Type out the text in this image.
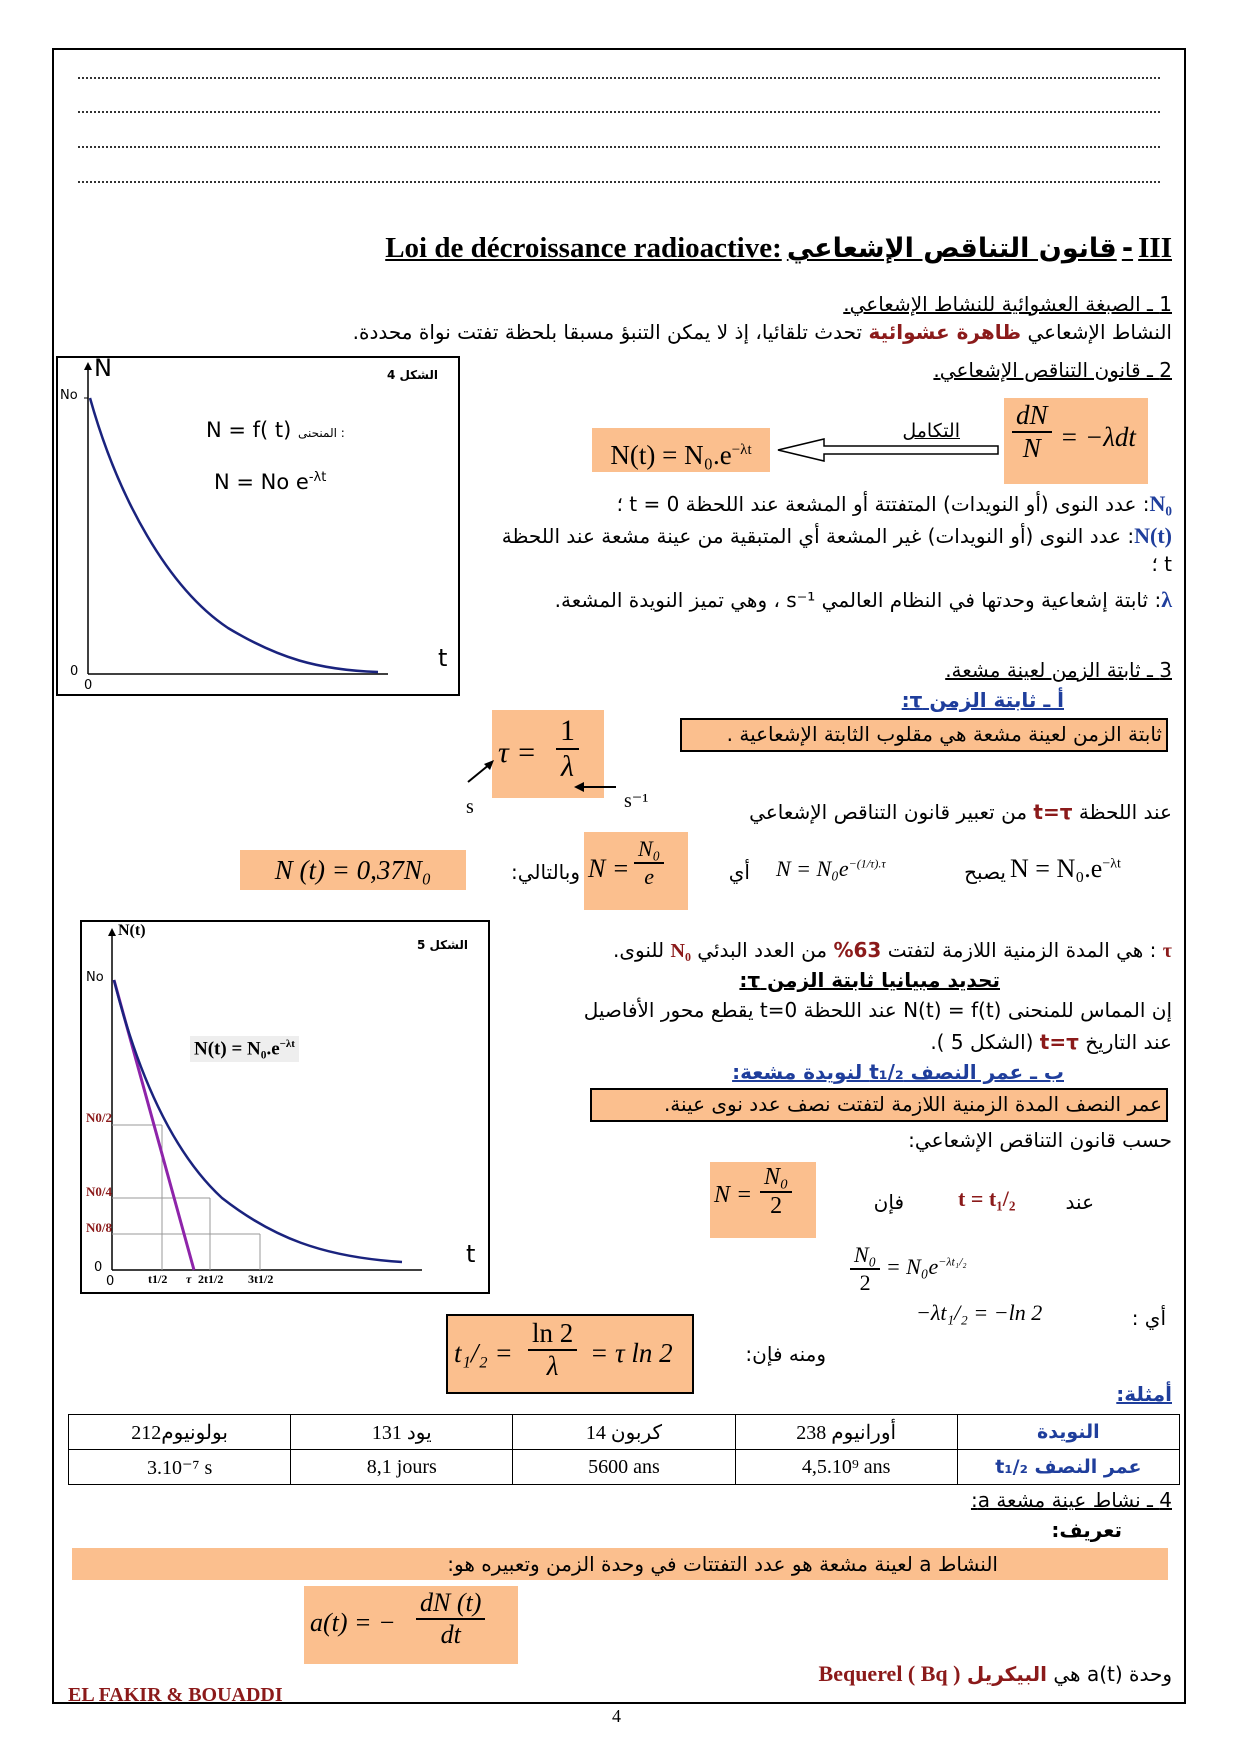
Loi de décroissance radioactive: قانون التناقص الإشعاعي - III
1 ـ الصبغة العشوائية للنشاط الإشعاعي.
النشاط الإشعاعي ظاهرة عشوائية تحدث تلقائيا، إذ لا يمكن التنبؤ مسبقا بلحظة تفتت نواة محددة.
2 ـ قانون التناقص الإشعاعي.
N
No
0
0
t
الشكل 4
N = f( t) المنحنى :
N = No $e^{-\lambda t}$
$N(t) = N_0.e^{-\lambda t}$
التكامل $\frac{dN}{N} = -\lambda dt$
N₀: عدد النوى (أو النويدات) المتفتتة أو المشعة عند اللحظة t = 0 ؛
N(t): عدد النوى (أو النويدات) غير المشعة أي المتبقية من عينة مشعة عند اللحظة t ؛
λ: ثابتة إشعاعية وحدتها في النظام العالمي s⁻¹ ، وهي تميز النويدة المشعة.
3 ـ ثابتة الزمن لعينة مشعة.
أ ـ ثابتة الزمن τ:
ثابتة الزمن لعينة مشعة هي مقلوب الثابتة الإشعاعية .
$\tau = \frac{1}{\lambda}$
s	s⁻¹	عند اللحظة t=τ من تعبير قانون التناقص الإشعاعي
N (t) = 0,37N₀	وبالتالي: $N = \frac{\text{N₀}}{e}$	أي $N = N_0e^{-(1/\tau).\tau}$	يصبح $N = N_0.e^{-\lambda t}$
N(t)
No
N0/2
N0/4
N0/8
0
0	t1/2 τ 2t1/2 3t1/2
t
الشكل 5
$N(t) = N_0.e^{-\lambda t}$
τ : هي المدة الزمنية اللازمة لتفتت 63% من العدد البدئي N₀ للنوى.
تحديد مبيانيا ثابتة الزمن τ:
إن المماس للمنحنى N(t) = f(t) عند اللحظة t=0 يقطع محور الأفاصيل
عند التاريخ t=τ (الشكل 5 ).
ب ـ عمر النصف t₁/₂ لنويدة مشعة:
عمر النصف المدة الزمنية اللازمة لتفتت نصف عدد نوى عينة.
حسب قانون التناقص الإشعاعي:
$N = \frac{\text{N₀}}{2}$	فإن t = t₁/₂	عند
$\frac{\text{N₀}}{2} = N_0e^{-\lambda t_1/_2}$
−λt₁/₂ = −ln 2	أي :
$t_1/_2 = \frac{\ln 2}{\lambda} = \tau$ ln 2	ومنه فإن:
أمثلة:
بولونيوم212	يود 131	كربون 14	أورانيوم 238	النويدة
3.10⁻⁷ s	8,1 jours	5600 ans	4,5.10⁹ ans	عمر النصف t₁/₂
4 ـ نشاط عينة مشعة a:
تعريف:
النشاط a لعينة مشعة هو عدد التفتتات في وحدة الزمن وتعبيره هو:
a(t) = − $\frac{dN (t)}{dt}$
وحدة a(t) هي البيكريل Bequerel ( Bq )
EL FAKIR & BOUADDI
4
